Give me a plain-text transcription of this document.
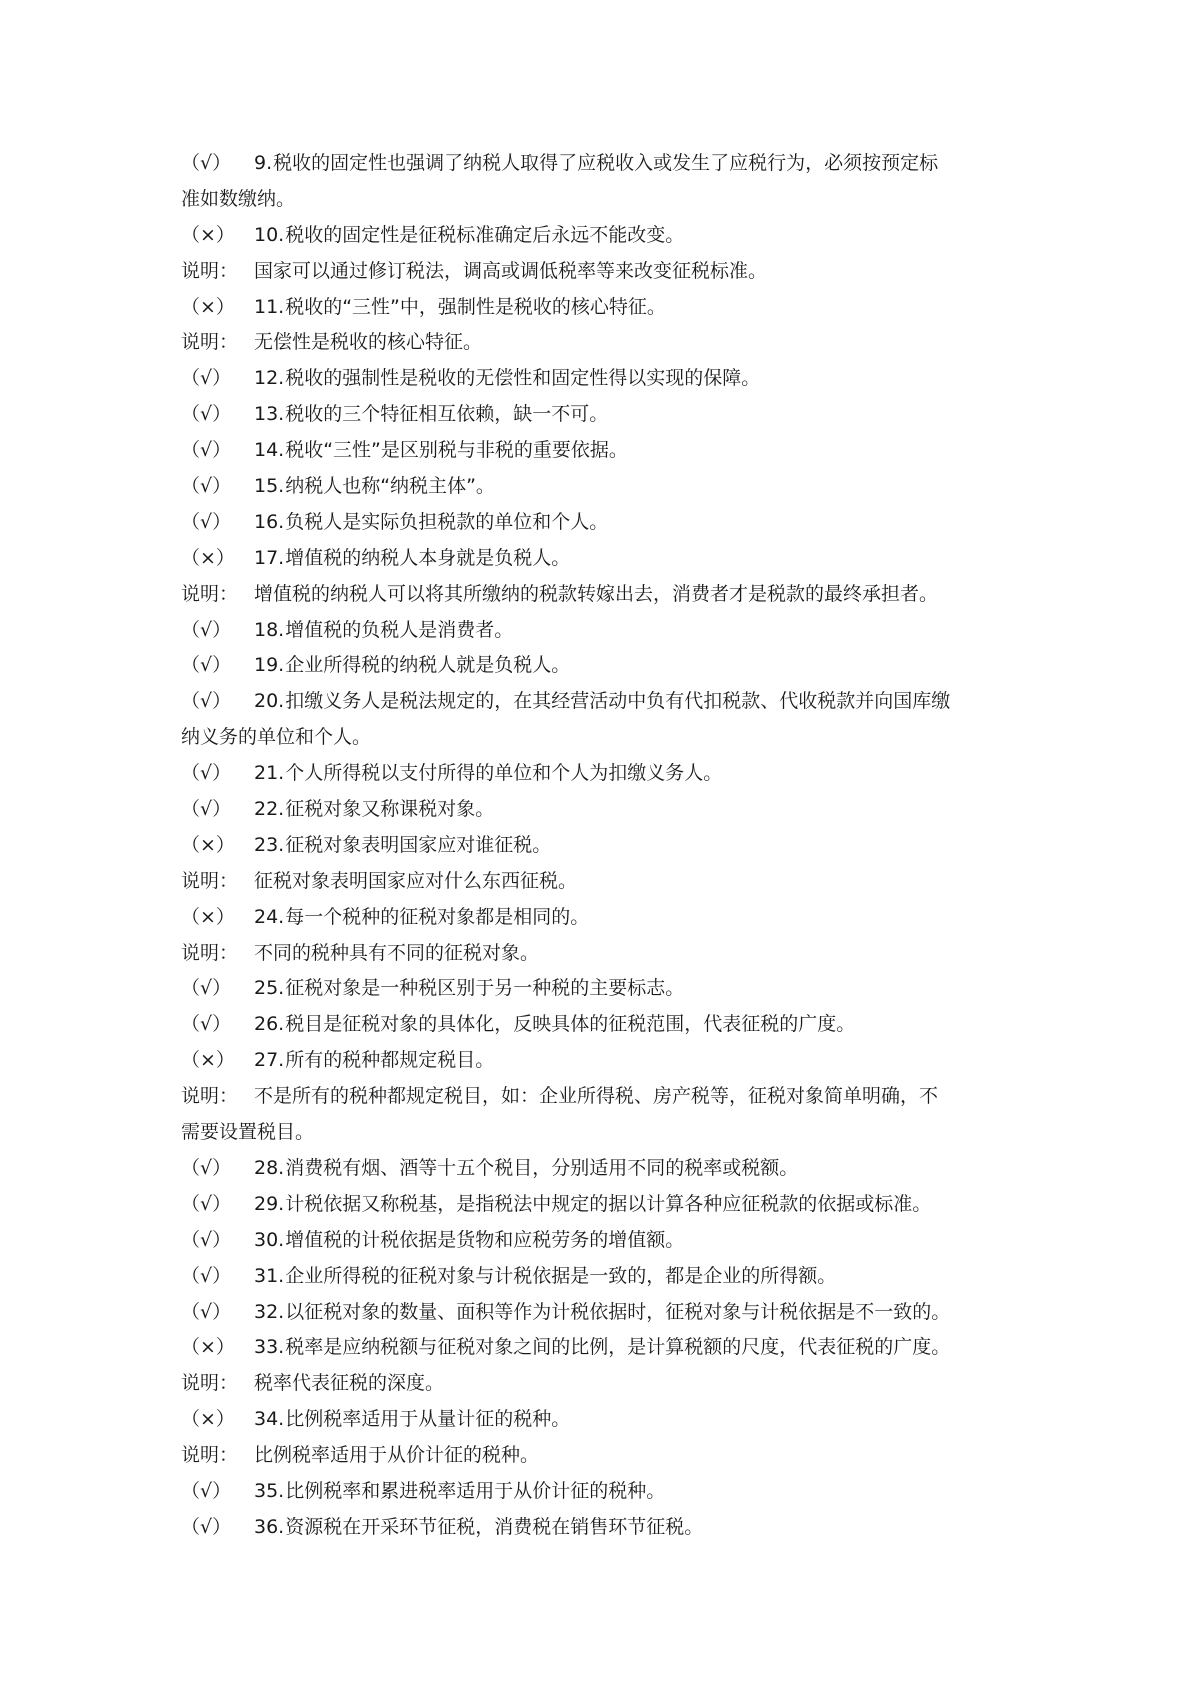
（√） 9.税收的固定性也强调了纳税人取得了应税收入或发生了应税行为，必须按预定标
准如数缴纳。
（×） 10.税收的固定性是征税标准确定后永远不能改变。
说明： 国家可以通过修订税法，调高或调低税率等来改变征税标准。
（×） 11.税收的“三性”中，强制性是税收的核心特征。
说明： 无偿性是税收的核心特征。
（√） 12.税收的强制性是税收的无偿性和固定性得以实现的保障。
（√） 13.税收的三个特征相互依赖，缺一不可。
（√） 14.税收“三性”是区别税与非税的重要依据。
（√） 15.纳税人也称“纳税主体”。
（√） 16.负税人是实际负担税款的单位和个人。
（×） 17.增值税的纳税人本身就是负税人。
说明： 增值税的纳税人可以将其所缴纳的税款转嫁出去，消费者才是税款的最终承担者。
（√） 18.增值税的负税人是消费者。
（√） 19.企业所得税的纳税人就是负税人。
（√） 20.扣缴义务人是税法规定的，在其经营活动中负有代扣税款、代收税款并向国库缴
纳义务的单位和个人。
（√） 21.个人所得税以支付所得的单位和个人为扣缴义务人。
（√） 22.征税对象又称课税对象。
（×） 23.征税对象表明国家应对谁征税。
说明： 征税对象表明国家应对什么东西征税。
（×） 24.每一个税种的征税对象都是相同的。
说明： 不同的税种具有不同的征税对象。
（√） 25.征税对象是一种税区别于另一种税的主要标志。
（√） 26.税目是征税对象的具体化，反映具体的征税范围，代表征税的广度。
（×） 27.所有的税种都规定税目。
说明： 不是所有的税种都规定税目，如：企业所得税、房产税等，征税对象简单明确，不
需要设置税目。
（√） 28.消费税有烟、酒等十五个税目，分别适用不同的税率或税额。
（√） 29.计税依据又称税基，是指税法中规定的据以计算各种应征税款的依据或标准。
（√） 30.增值税的计税依据是货物和应税劳务的增值额。
（√） 31.企业所得税的征税对象与计税依据是一致的，都是企业的所得额。
（√） 32.以征税对象的数量、面积等作为计税依据时，征税对象与计税依据是不一致的。
（×） 33.税率是应纳税额与征税对象之间的比例，是计算税额的尺度，代表征税的广度。
说明： 税率代表征税的深度。
（×） 34.比例税率适用于从量计征的税种。
说明： 比例税率适用于从价计征的税种。
（√） 35.比例税率和累进税率适用于从价计征的税种。
（√） 36.资源税在开采环节征税，消费税在销售环节征税。
